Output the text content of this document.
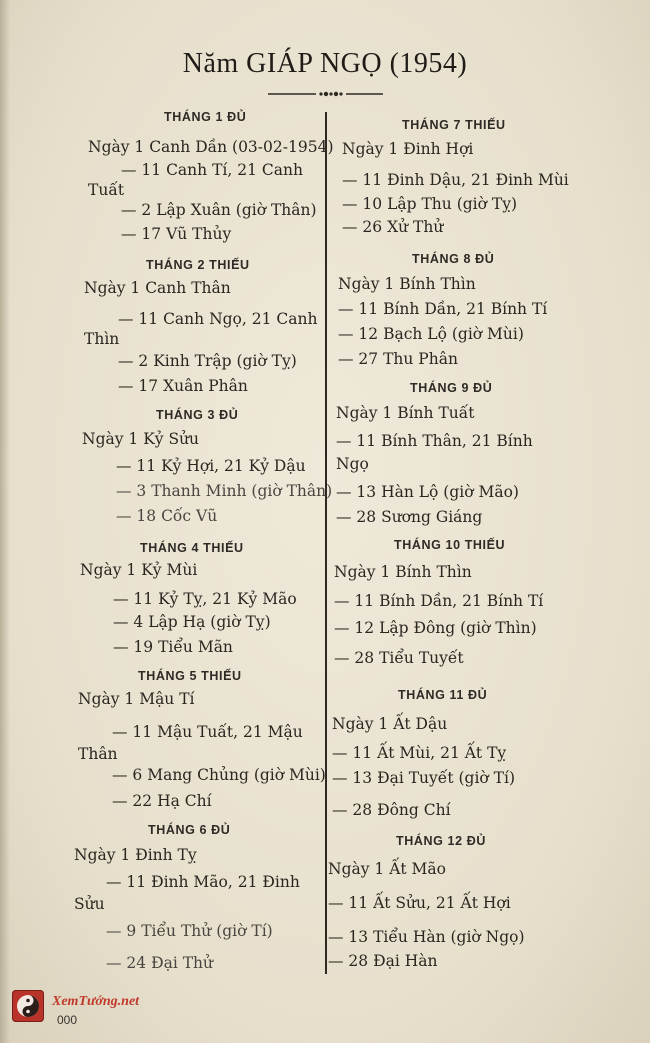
Năm GIÁP NGỌ (1954)
THÁNG 1 ĐỦ
Ngày 1 Canh Dần (03-02-1954)
— 11 Canh Tí, 21 Canh
Tuất
— 2 Lập Xuân (giờ Thân)
— 17 Vũ Thủy
THÁNG 2 THIẾU
Ngày 1 Canh Thân
— 11 Canh Ngọ, 21 Canh
Thìn
— 2 Kinh Trập (giờ Tỵ)
— 17 Xuân Phân
THÁNG 3 ĐỦ
Ngày 1 Kỷ Sửu
— 11 Kỷ Hợi, 21 Kỷ Dậu
— 3 Thanh Minh (giờ Thân)
— 18 Cốc Vũ
THÁNG 4 THIẾU
Ngày 1 Kỷ Mùi
— 11 Kỷ Tỵ, 21 Kỷ Mão
— 4 Lập Hạ (giờ Tỵ)
— 19 Tiểu Mãn
THÁNG 5 THIẾU
Ngày 1 Mậu Tí
— 11 Mậu Tuất, 21 Mậu
Thân
— 6 Mang Chủng (giờ Mùi)
— 22 Hạ Chí
THÁNG 6 ĐỦ
Ngày 1 Đinh Tỵ
— 11 Đinh Mão, 21 Đinh
Sửu
— 9 Tiểu Thử (giờ Tí)
— 24 Đại Thử
THÁNG 7 THIẾU
Ngày 1 Đinh Hợi
— 11 Đinh Dậu, 21 Đinh Mùi
— 10 Lập Thu (giờ Tỵ)
— 26 Xử Thử
THÁNG 8 ĐỦ
Ngày 1 Bính Thìn
— 11 Bính Dần, 21 Bính Tí
— 12 Bạch Lộ (giờ Mùi)
— 27 Thu Phân
THÁNG 9 ĐỦ
Ngày 1 Bính Tuất
— 11 Bính Thân, 21 Bính
Ngọ
— 13 Hàn Lộ (giờ Mão)
— 28 Sương Giáng
THÁNG 10 THIẾU
Ngày 1 Bính Thìn
— 11 Bính Dần, 21 Bính Tí
— 12 Lập Đông (giờ Thìn)
— 28 Tiểu Tuyết
THÁNG 11 ĐỦ
Ngày 1 Ất Dậu
— 11 Ất Mùi, 21 Ất Tỵ
— 13 Đại Tuyết (giờ Tí)
— 28 Đông Chí
THÁNG 12 ĐỦ
Ngày 1 Ất Mão
— 11 Ất Sửu, 21 Ất Hợi
— 13 Tiểu Hàn (giờ Ngọ)
— 28 Đại Hàn
XemTướng.net
000
